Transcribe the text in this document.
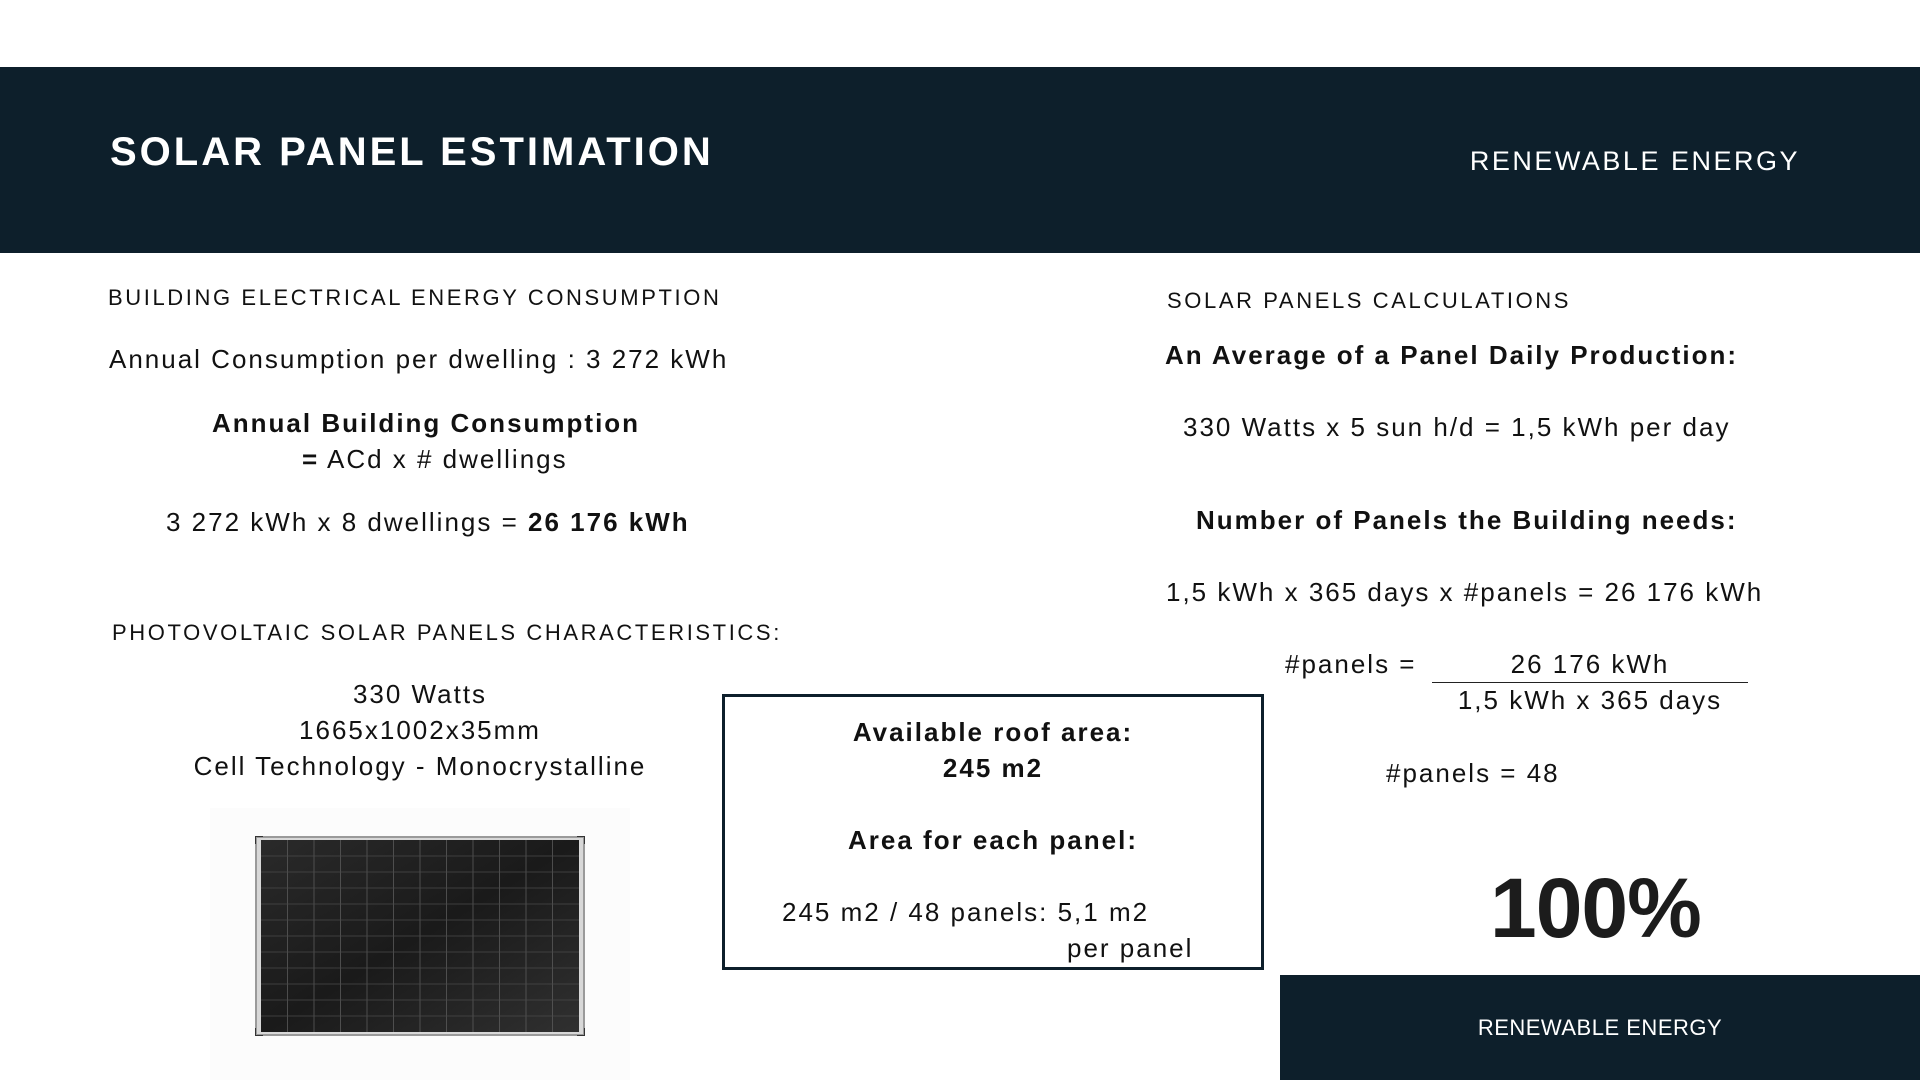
SOLAR PANEL ESTIMATION	RENEWABLE ENERGY
BUILDING ELECTRICAL ENERGY CONSUMPTION
Annual Consumption per dwelling : 3 272 kWh
Annual Building Consumption
= ACd x # dwellings
3 272 kWh x 8 dwellings = 26 176 kWh
PHOTOVOLTAIC SOLAR PANELS CHARACTERISTICS:
330 Watts
1665x1002x35mm
Cell Technology - Monocrystalline
Available roof area:
245 m2
Area for each panel:
245 m2 / 48 panels: 5,1 m2
per panel
SOLAR PANELS CALCULATIONS
An Average of a Panel Daily Production:
330 Watts x 5 sun h/d = 1,5 kWh per day
Number of Panels the Building needs:
1,5 kWh x 365 days x #panels = 26 176 kWh
#panels =	26 176 kWh
1,5 kWh x 365 days
#panels = 48
100%
RENEWABLE ENERGY
